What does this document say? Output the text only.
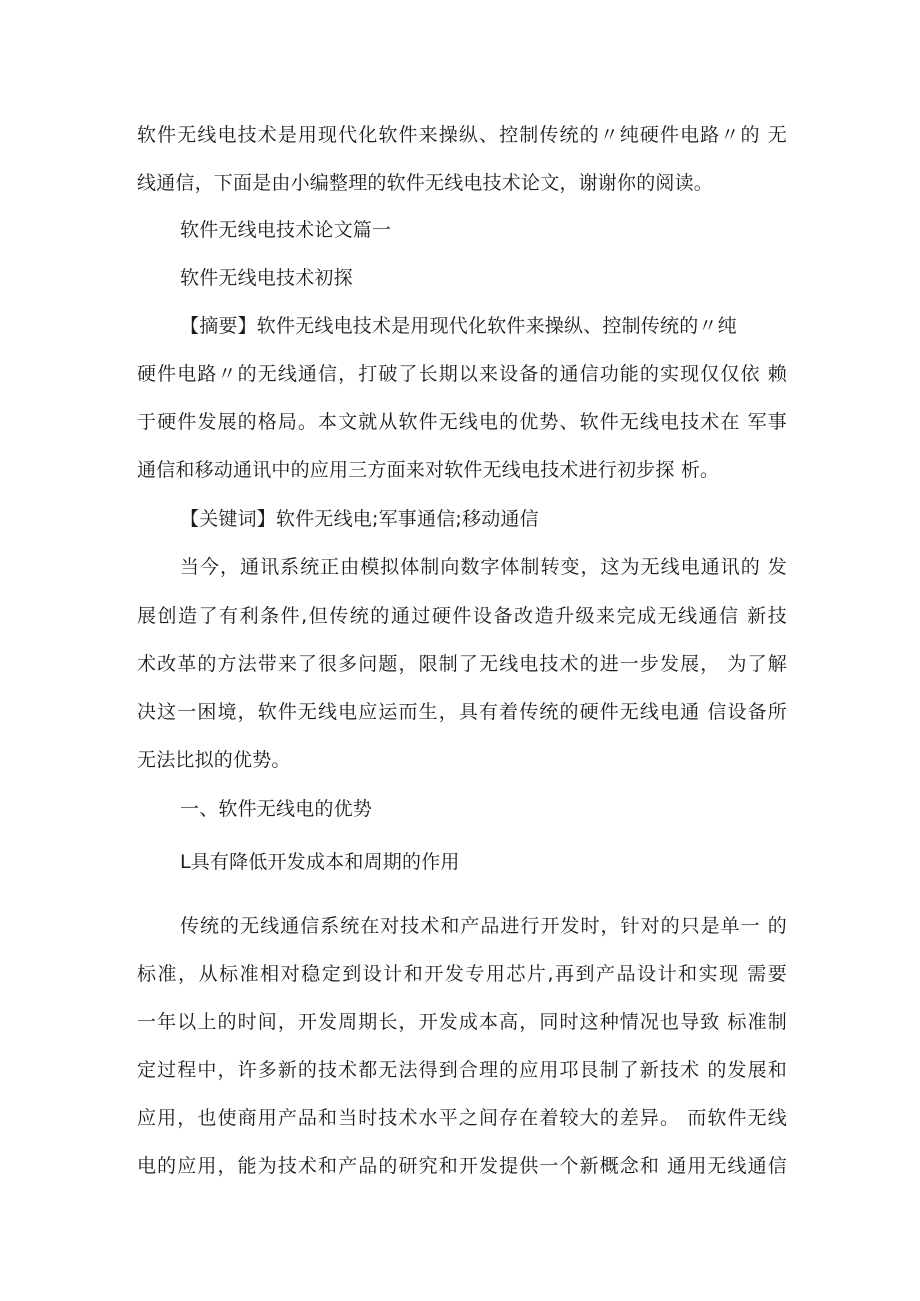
软件无线电技术是用现代化软件来操纵、控制传统的〃纯硬件电路〃的 无
线通信，下面是由小编整理的软件无线电技术论文，谢谢你的阅读。
软件无线电技术论文篇一
软件无线电技术初探
【摘要】软件无线电技术是用现代化软件来操纵、控制传统的〃纯
硬件电路〃的无线通信，打破了长期以来设备的通信功能的实现仅仅依 赖
于硬件发展的格局。本文就从软件无线电的优势、软件无线电技术在 军事
通信和移动通讯中的应用三方面来对软件无线电技术进行初步探 析。
【关键词】软件无线电;军事通信;移动通信
当今，通讯系统正由模拟体制向数字体制转变，这为无线电通讯的 发
展创造了有利条件,但传统的通过硬件设备改造升级来完成无线通信 新技
术改革的方法带来了很多问题，限制了无线电技术的进一步发展， 为了解
决这一困境，软件无线电应运而生，具有着传统的硬件无线电通 信设备所
无法比拟的优势。
一、软件无线电的优势
L具有降低开发成本和周期的作用
传统的无线通信系统在对技术和产品进行开发时，针对的只是单一 的
标准，从标准相对稳定到设计和开发专用芯片,再到产品设计和实现 需要
一年以上的时间，开发周期长，开发成本高，同时这种情况也导致 标准制
定过程中，许多新的技术都无法得到合理的应用邛艮制了新技术 的发展和
应用，也使商用产品和当时技术水平之间存在着较大的差异。 而软件无线
电的应用，能为技术和产品的研究和开发提供一个新概念和 通用无线通信
